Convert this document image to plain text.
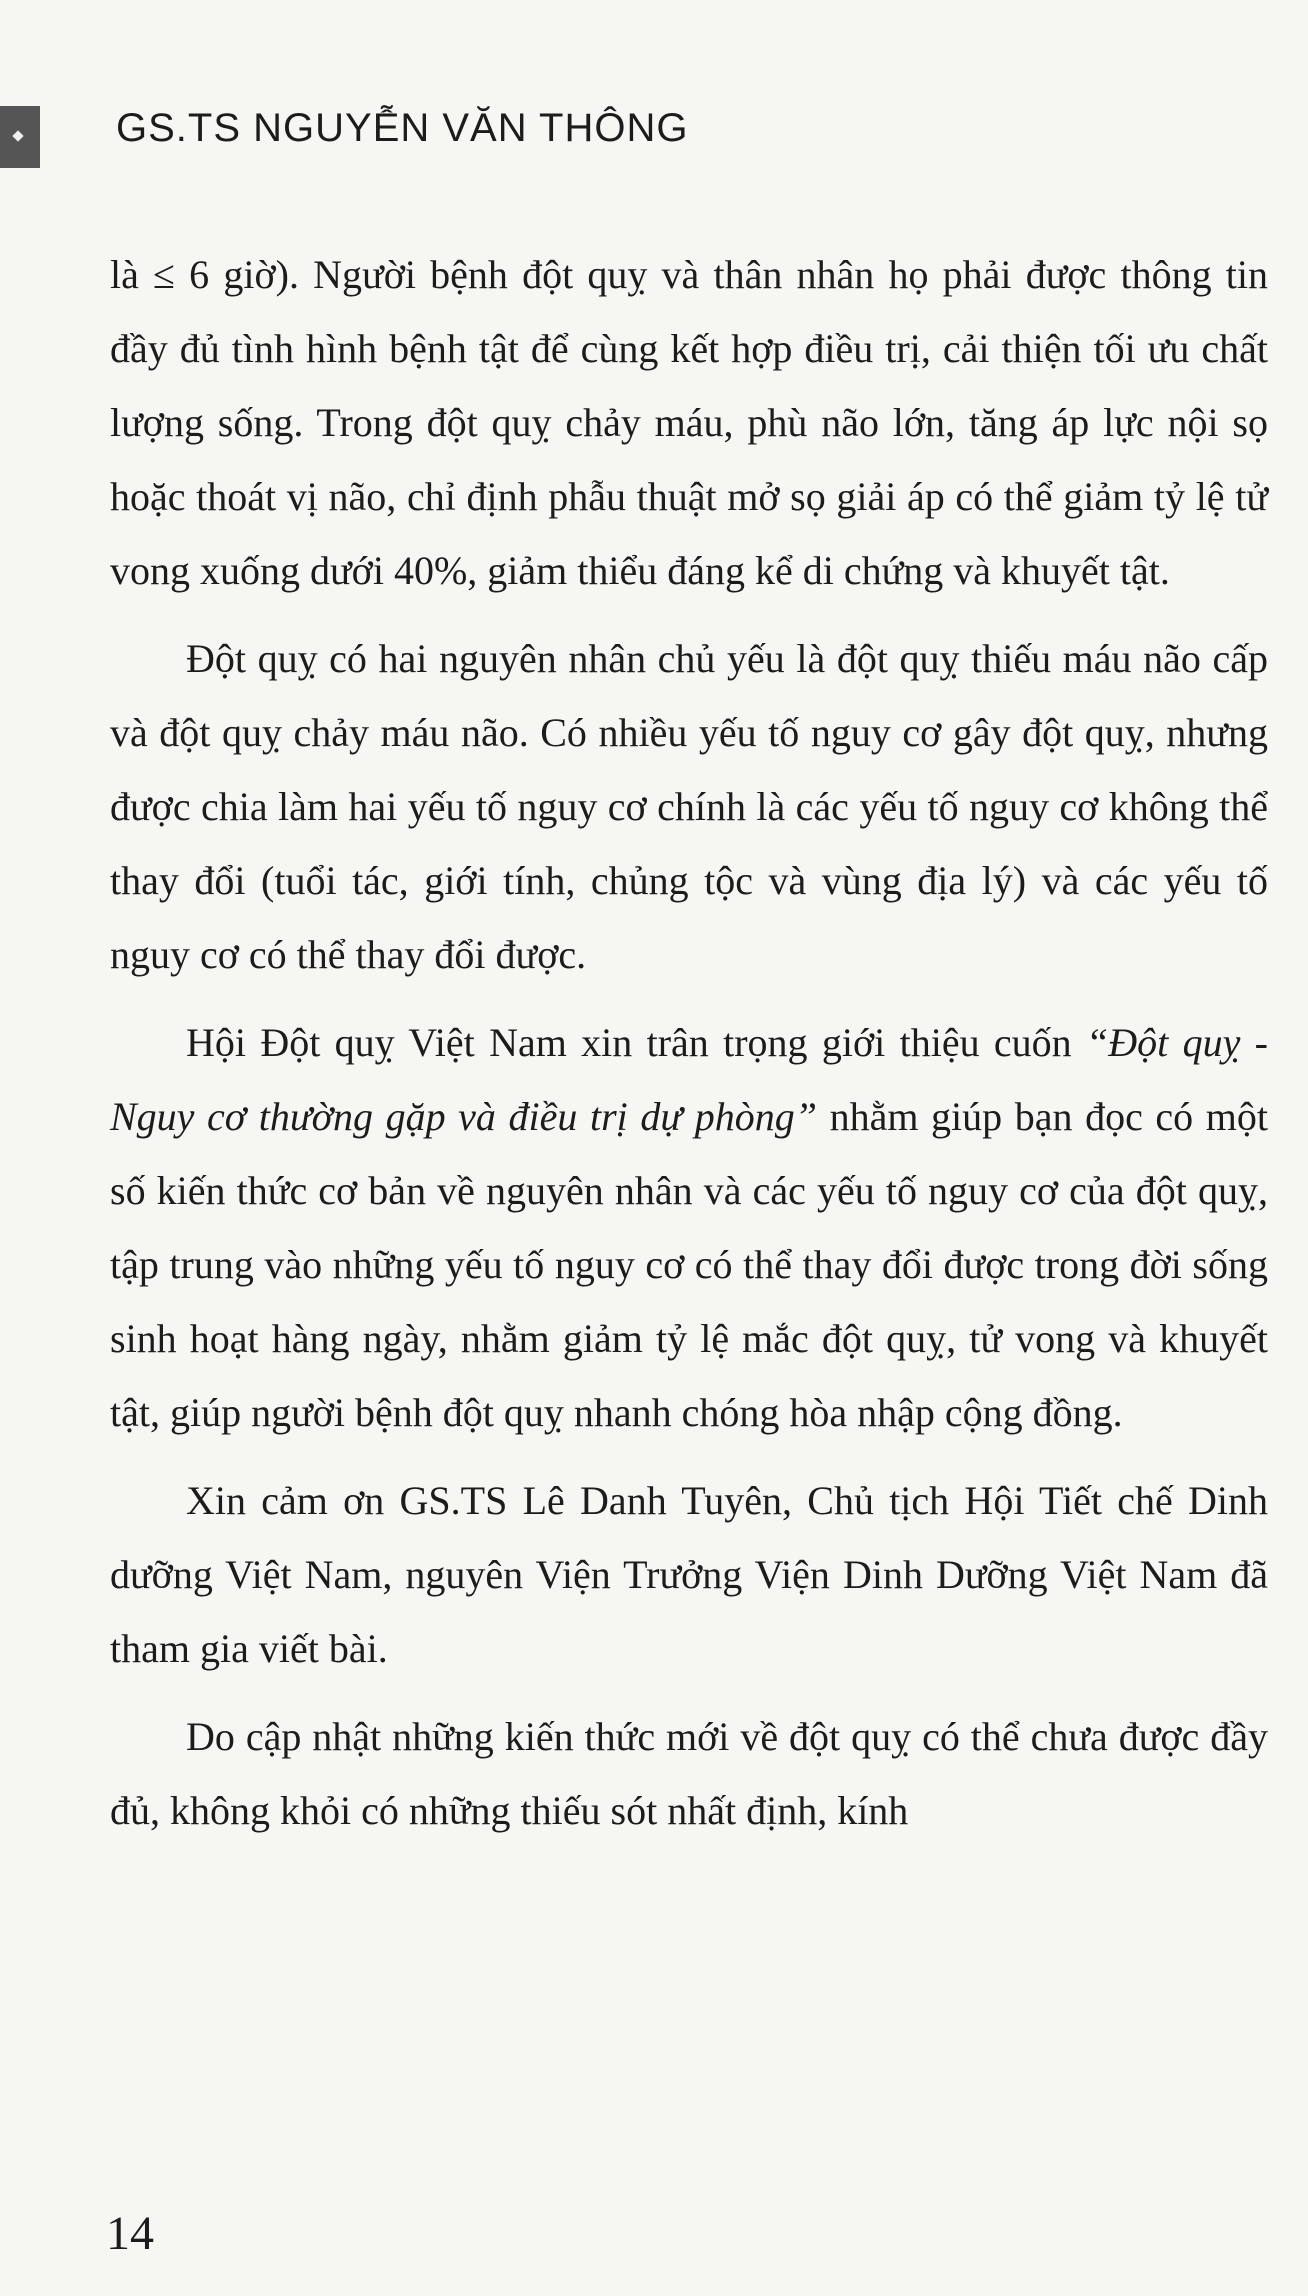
GS.TS NGUYỄN VĂN THÔNG

là ≤ 6 giờ). Người bệnh đột quỵ và thân nhân họ phải được thông tin đầy đủ tình hình bệnh tật để cùng kết hợp điều trị, cải thiện tối ưu chất lượng sống. Trong đột quỵ chảy máu, phù não lớn, tăng áp lực nội sọ hoặc thoát vị não, chỉ định phẫu thuật mở sọ giải áp có thể giảm tỷ lệ tử vong xuống dưới 40%, giảm thiểu đáng kể di chứng và khuyết tật.

Đột quỵ có hai nguyên nhân chủ yếu là đột quỵ thiếu máu não cấp và đột quỵ chảy máu não. Có nhiều yếu tố nguy cơ gây đột quỵ, nhưng được chia làm hai yếu tố nguy cơ chính là các yếu tố nguy cơ không thể thay đổi (tuổi tác, giới tính, chủng tộc và vùng địa lý) và các yếu tố nguy cơ có thể thay đổi được.

Hội Đột quỵ Việt Nam xin trân trọng giới thiệu cuốn “Đột quỵ -Nguy cơ thường gặp và điều trị dự phòng” nhằm giúp bạn đọc có một số kiến thức cơ bản về nguyên nhân và các yếu tố nguy cơ của đột quỵ, tập trung vào những yếu tố nguy cơ có thể thay đổi được trong đời sống sinh hoạt hàng ngày, nhằm giảm tỷ lệ mắc đột quỵ, tử vong và khuyết tật, giúp người bệnh đột quỵ nhanh chóng hòa nhập cộng đồng.

Xin cảm ơn GS.TS Lê Danh Tuyên, Chủ tịch Hội Tiết chế Dinh dưỡng Việt Nam, nguyên Viện Trưởng Viện Dinh Dưỡng Việt Nam đã tham gia viết bài.

Do cập nhật những kiến thức mới về đột quỵ có thể chưa được đầy đủ, không khỏi có những thiếu sót nhất định, kính

14
